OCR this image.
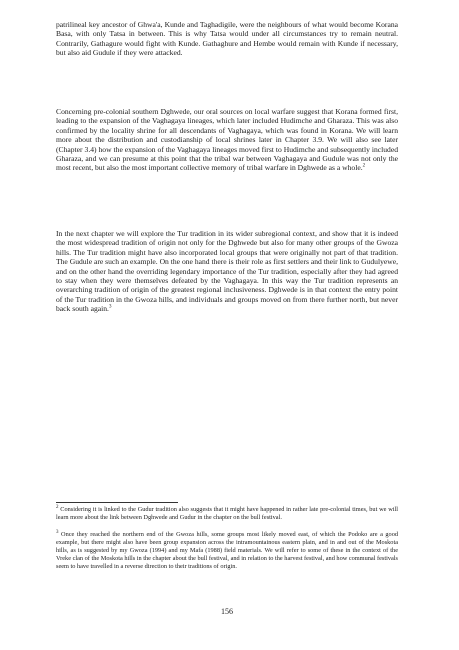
patrilineal key ancestor of Ghwa'a, Kunde and Taghadigile, were the neighbours of what would become Korana Basa, with only Tatsa in between. This is why Tatsa would under all circumstances try to remain neutral. Contrarily, Gathagure would fight with Kunde. Gathaghure and Hembe would remain with Kunde if necessary, but also aid Gudule if they were attacked.

Concerning pre-colonial southern Dghwede, our oral sources on local warfare suggest that Korana formed first, leading to the expansion of the Vaghagaya lineages, which later included Hudimche and Gharaza. This was also confirmed by the locality shrine for all descendants of Vaghagaya, which was found in Korana. We will learn more about the distribution and custodianship of local shrines later in Chapter 3.9. We will also see later (Chapter 3.4) how the expansion of the Vaghagaya lineages moved first to Hudimche and subsequently included Gharaza, and we can presume at this point that the tribal war between Vaghagaya and Gudule was not only the most recent, but also the most important collective memory of tribal warfare in Dghwede as a whole.$^2$

In the next chapter we will explore the Tur tradition in its wider subregional context, and show that it is indeed the most widespread tradition of origin not only for the Dghwede but also for many other groups of the Gwoza hills. The Tur tradition might have also incorporated local groups that were originally not part of that tradition. The Gudule are such an example. On the one hand there is their role as first settlers and their link to Gudulyewe, and on the other hand the overriding legendary importance of the Tur tradition, especially after they had agreed to stay when they were themselves defeated by the Vaghagaya. In this way the Tur tradition represents an overarching tradition of origin of the greatest regional inclusiveness. Dghwede is in that context the entry point of the Tur tradition in the Gwoza hills, and individuals and groups moved on from there further north, but never back south again.$^3$

$^2$ Considering it is linked to the Gudur tradition also suggests that it might have happened in rather late pre-colonial times, but we will learn more about the link between Dghwede and Gudur in the chapter on the bull festival.

$^3$ Once they reached the northern end of the Gwoza hills, some groups most likely moved east, of which the Podoko are a good example, but there might also have been group expansion across the intramountainous eastern plain, and in and out of the Moskota hills, as is suggested by my Gwoza (1994) and my Mafa (1988) field materials. We will refer to some of these in the context of the Vreke clan of the Moskota hills in the chapter about the bull festival, and in relation to the harvest festival, and how communal festivals seem to have travelled in a reverse direction to their traditions of origin.

156
